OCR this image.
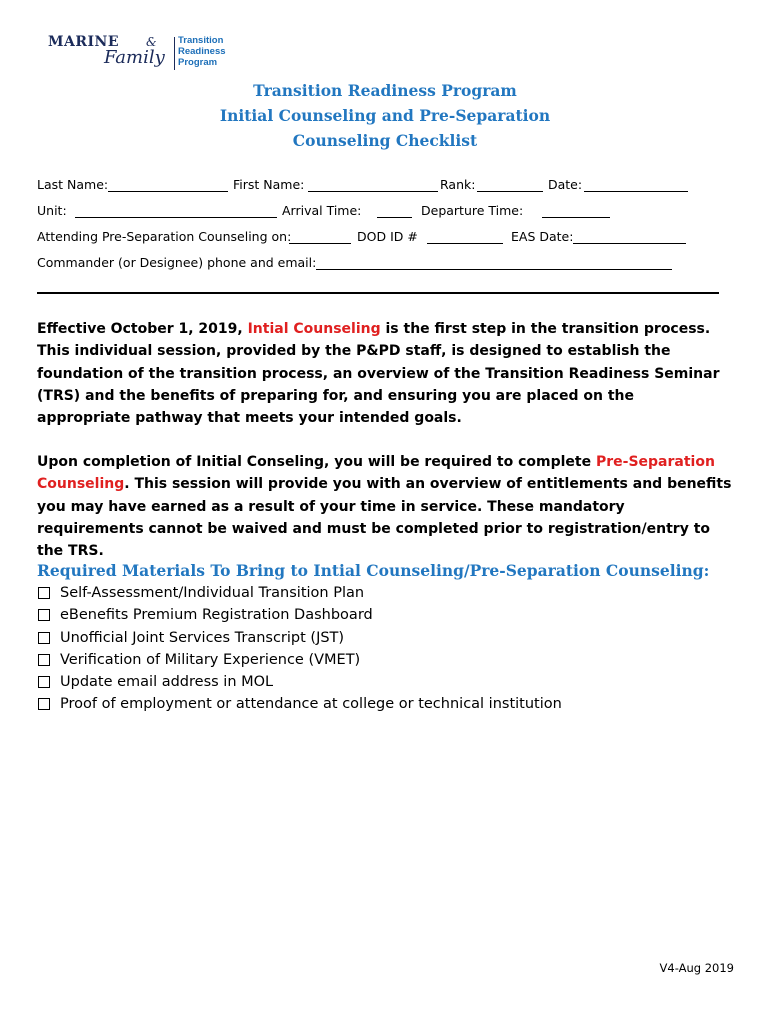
MARINE &
Family
Transition
Readiness
Program
Transition Readiness Program
Initial Counseling and Pre-Separation
Counseling Checklist
Last Name:	First Name:	Rank:	Date:
Unit:	Arrival Time:	Departure Time:
Attending Pre-Separation Counseling on:	DOD ID #	EAS Date:
Commander (or Designee) phone and email:
Effective October 1, 2019, Intial Counseling is the first step in the transition process. This individual session, provided by the P&PD staff, is designed to establish the foundation of the transition process, an overview of the Transition Readiness Seminar (TRS) and the benefits of preparing for, and ensuring you are placed on the appropriate pathway that meets your intended goals.
Upon completion of Initial Conseling, you will be required to complete Pre-Separation Counseling. This session will provide you with an overview of entitlements and benefits you may have earned as a result of your time in service. These mandatory requirements cannot be waived and must be completed prior to registration/entry to the TRS.
Required Materials To Bring to Intial Counseling/Pre-Separation Counseling:
Self-Assessment/Individual Transition Plan
eBenefits Premium Registration Dashboard
Unofficial Joint Services Transcript (JST)
Verification of Military Experience (VMET)
Update email address in MOL
Proof of employment or attendance at college or technical institution
V4-Aug 2019
